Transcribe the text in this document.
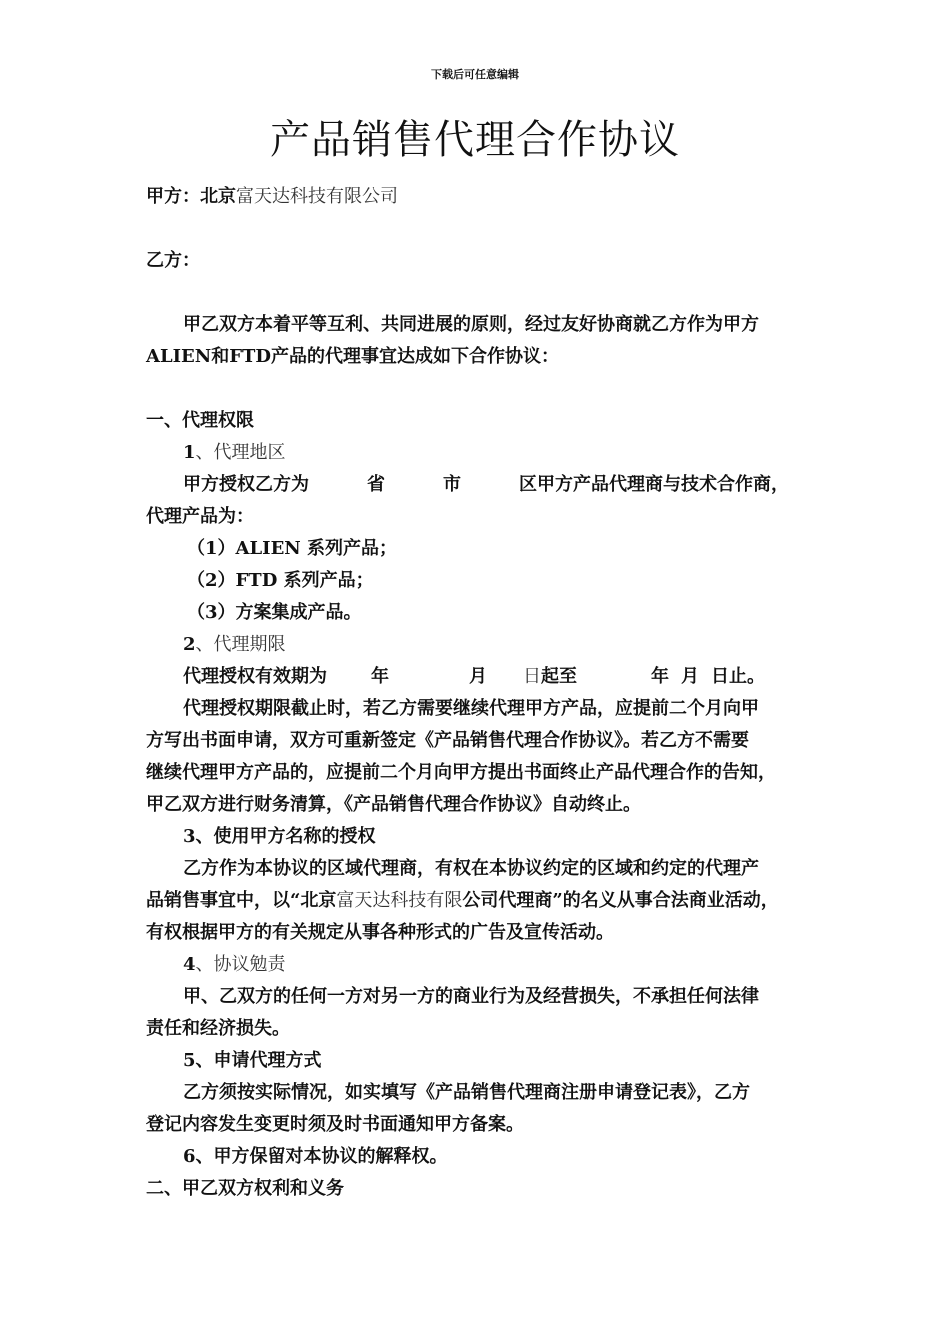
下载后可任意编辑
产品销售代理合作协议
甲方：北京富天达科技有限公司
乙方：
甲乙双方本着平等互利、共同进展的原则，经过友好协商就乙方作为甲方
ALIEN和FTD产品的代理事宜达成如下合作协议：
一、代理权限
1、代理地区
甲方授权乙方为	省	市	区甲方产品代理商与技术合作商，
代理产品为：
（1）ALIEN 系列产品；
（2）FTD 系列产品；
（3）方案集成产品。
2、代理期限
代理授权有效期为 年	月 日起至	年 月 日止。
代理授权期限截止时，若乙方需要继续代理甲方产品，应提前二个月向甲
方写出书面申请，双方可重新签定《产品销售代理合作协议》。若乙方不需要
继续代理甲方产品的，应提前二个月向甲方提出书面终止产品代理合作的告知，
甲乙双方进行财务清算，《产品销售代理合作协议》自动终止。
3、使用甲方名称的授权
乙方作为本协议的区域代理商，有权在本协议约定的区域和约定的代理产
品销售事宜中，以“北京富天达科技有限公司代理商”的名义从事合法商业活动，
有权根据甲方的有关规定从事各种形式的广告及宣传活动。
4、协议勉责
甲、乙双方的任何一方对另一方的商业行为及经营损失，不承担任何法律
责任和经济损失。
5、申请代理方式
乙方须按实际情况，如实填写《产品销售代理商注册申请登记表》，乙方
登记内容发生变更时须及时书面通知甲方备案。
6、甲方保留对本协议的解释权。
二、甲乙双方权利和义务
